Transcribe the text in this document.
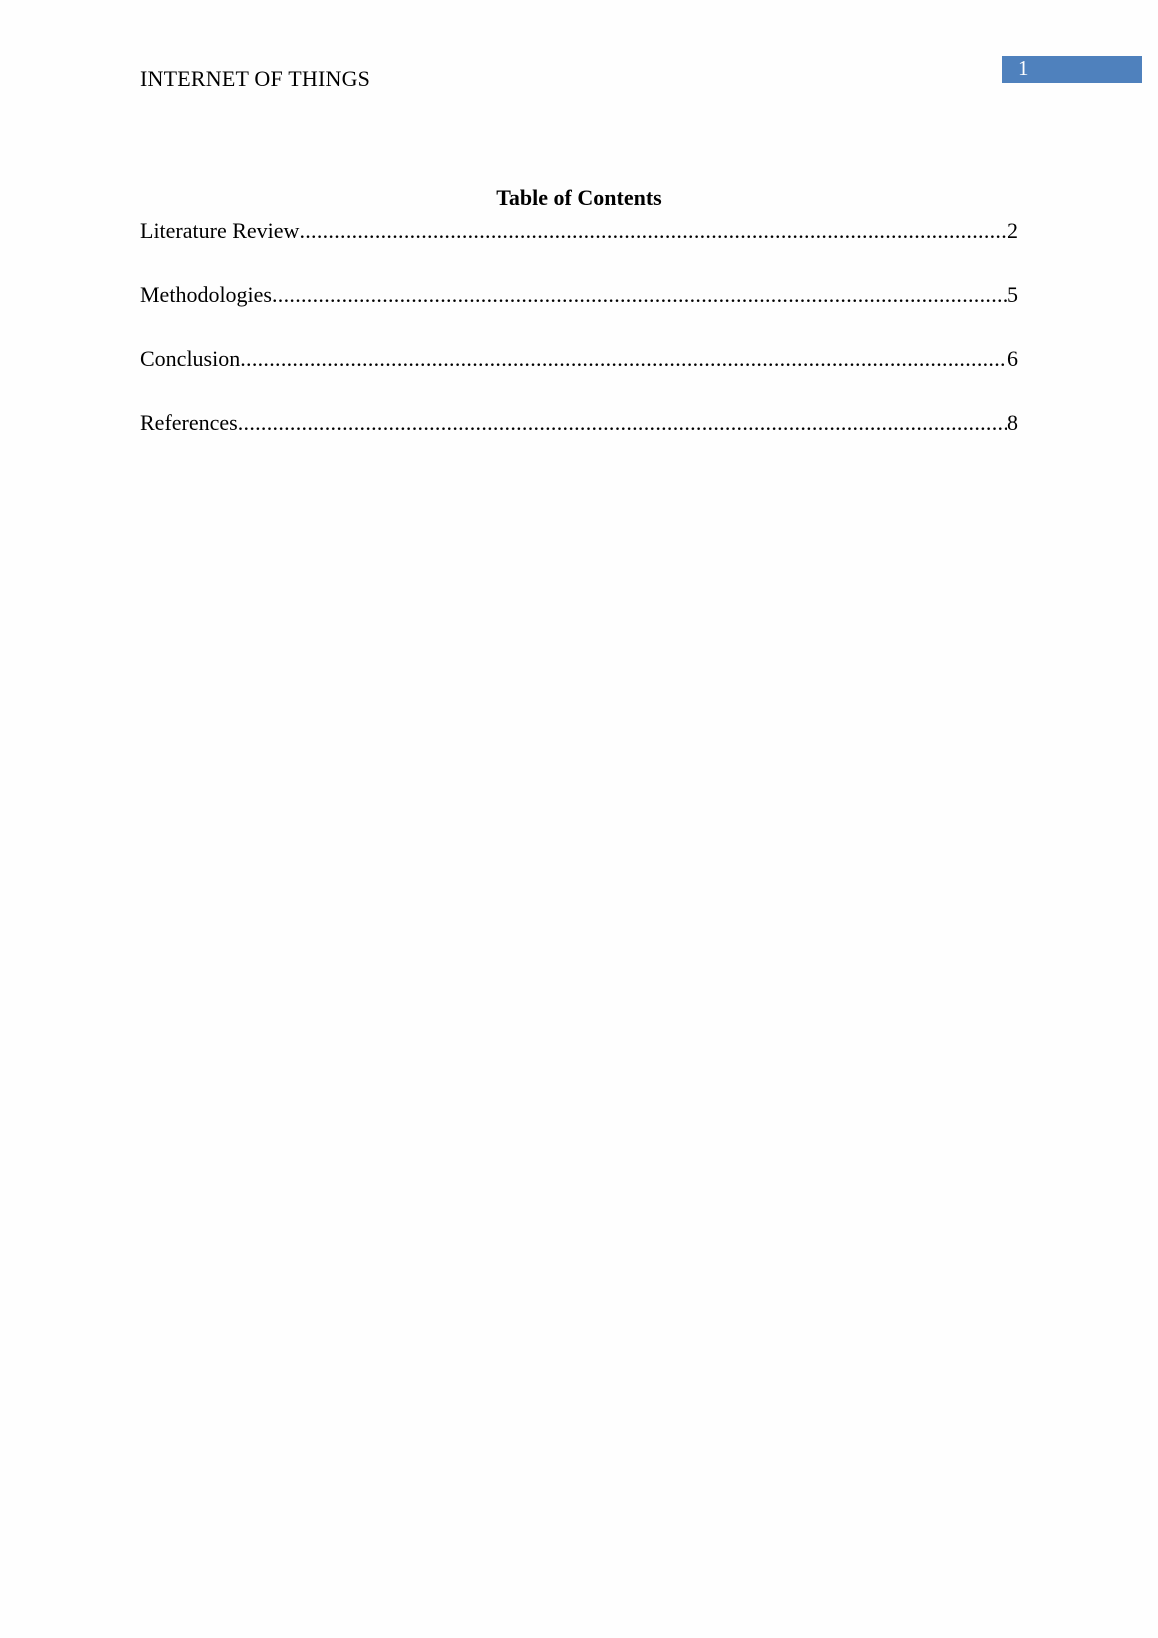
INTERNET OF THINGS	1
Table of Contents
Literature Review .....	2
Methodologies .....	5
Conclusion .....	6
References .....	8
